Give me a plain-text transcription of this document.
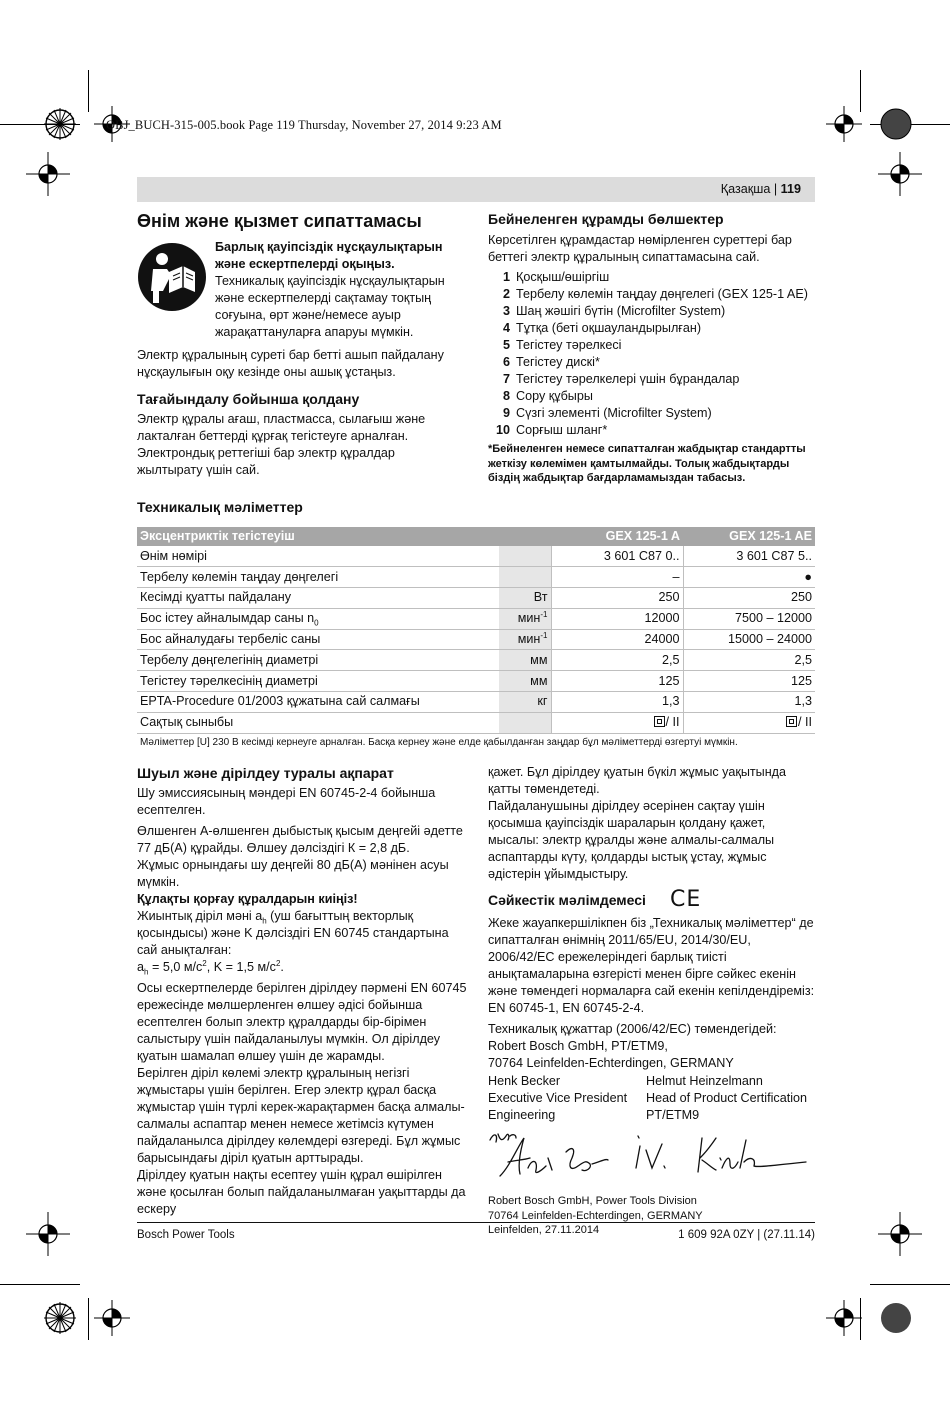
OBJ_BUCH-315-005.book Page 119 Thursday, November 27, 2014 9:23 AM
Қазақша | 119
Өнім және қызмет сипаттамасы

Барлық қауіпсіздік нұсқаулықтарын және ескертпелерді оқыңыз. Техникалық қауіпсіздік нұсқаулықтарын және ескертпелерді сақтамау тоқтың соғуына, өрт және/немесе ауыр жарақаттануларға апаруы мүмкін.

Электр құралының суреті бар бетті ашып пайдалану нұсқаулығын оқу кезінде оны ашық ұстаңыз.

Тағайындалу бойынша қолдану

Электр құралы ағаш, пластмасса, сылағыш және лакталған беттерді құрғақ тегістеуге арналған.

Электрондық реттегіші бар электр құралдар жылтырату үшін сай.

Бейнеленген құрамды бөлшектер

Көрсетілген құрамдастар нөмірленген суреттері бар беттегі электр құралының сипаттамасына сай.

1 Қосқыш/өшіргіш
2 Тербелу көлемін таңдау дөңгелегі (GEX 125-1 AE)
3 Шаң жәшігі бүтін (Microfilter System)
4 Тұтқа (беті оқшауландырылған)
5 Тегістеу тәрелкесі
6 Тегістеу дискі*
7 Тегістеу тәрелкелері үшін бұрандалар
8 Сору құбыры
9 Сүзгі элементі (Microfilter System)
10 Сорғыш шланг*

*Бейнеленген немесе сипатталған жабдықтар стандартты жеткізу көлемімен қамтылмайды. Толық жабдықтарды біздің жабдықтар бағдарламамыздан табасыз.

Техникалық мәліметтер
Эксцентриктік тегістеуіш		GEX 125-1 A	GEX 125-1 AE
Өнім нөмірі		3 601 C87 0..	3 601 C87 5..
Тербелу көлемін таңдау дөңгелегі		–	●
Кесімді қуатты пайдалану	Вт	250	250
Бос істеу айналымдар саны $n_0$	мин$^{-1}$	12000	7500 – 12000
Бос айналудағы тербеліс саны	мин$^{-1}$	24000	15000 – 24000
Тербелу дөңгелегінің диаметрі	мм	2,5	2,5
Тегістеу тәрелкесінің диаметрі	мм	125	125
EPTA-Procedure 01/2003 құжатына сай салмағы	кг	1,3	1,3
Сақтық сыныбы		/ II	/ II
Мәліметтер [U] 230 В кесімді кернеуге арналған. Басқа кернеу және елде қабылданған заңдар бұл мәліметтерді өзгертуі мүмкін.			
Шуыл және дірілдеу туралы ақпарат

Шу эмиссиясының мәндері EN 60745-2-4 бойынша есептелген.

Өлшенген А-өлшенген дыбыстық қысым деңгейі әдетте 77 дБ(A) құрайды. Өлшеу дәлсіздігі К = 2,8 дБ.

Жұмыс орнындағы шу деңгейі 80 дБ(A) мәнінен асуы мүмкін.

Құлақты қорғау құралдарын киіңіз!

Жиынтық діріл мәні $a_h$ (уш бағыттың векторлық қосындысы) және K дәлсіздігі EN 60745 стандартына сай анықталған:

$a_h = 5,0$ $м/с^2$, K = 1,5 $м/с^2$.

Осы ескертпелерде берілген дірілдеу пәрмені EN 60745 ережесінде мөлшерленген өлшеу әдісі бойынша есептелген болып электр құралдарды бір-бірімен салыстыру үшін пайдаланылуы мүмкін. Ол дірілдеу қуатын шамалап өлшеу үшін де жарамды.

Берілген діріл көлемі электр құралының негізгі жұмыстары үшін берілген. Егер электр құрал басқа жұмыстар үшін түрлі керек-жарақтармен басқа алмалы-салмалы аспаптар менен немесе жетімсіз күтумен пайдаланылса дірілдеу көлемдері өзгереді. Бұл жұмыс барысындағы діріл қуатын арттырады.

Дірілдеу қуатын нақты есептеу үшін құрал өшірілген және қосылған болып пайдаланылмаған уақыттарды да ескеру

қажет. Бұл дірілдеу қуатын бүкіл жұмыс уақытында қатты төмендетеді.

Пайдаланушыны дірілдеу әсерінен сақтау үшін қосымша қауіпсіздік шараларын қолдану қажет, мысалы: электр құралды және алмалы-салмалы аспаптарды күту, қолдарды ыстық ұстау, жұмыс әдістерін ұйымдыстыру.

Сәйкестік мәлімдемесі CE

Жеке жауапкершілікпен біз „Техникалық мәліметтер“ де сипатталған өнімнің 2011/65/EU, 2014/30/EU, 2006/42/EC ережелеріндегі барлық тиісті анықтамаларына өзгерісті менен бірге сәйкес екенін және төмендегі нормаларға сай екенін кепілдендіреміз: EN 60745-1, EN 60745-2-4.

Техникалық құжаттар (2006/42/EC) төмендегідей:

Robert Bosch GmbH, PT/ETM9,

70764 Leinfelden-Echterdingen, GERMANY

Henk Becker
Executive Vice President
Engineering
Helmut Heinzelmann
Head of Product Certification
PT/ETM9

Robert Bosch GmbH, Power Tools Division

70764 Leinfelden-Echterdingen, GERMANY

Leinfelden, 27.11.2014

Bosch Power Tools	1 609 92A 0ZY | (27.11.14)
